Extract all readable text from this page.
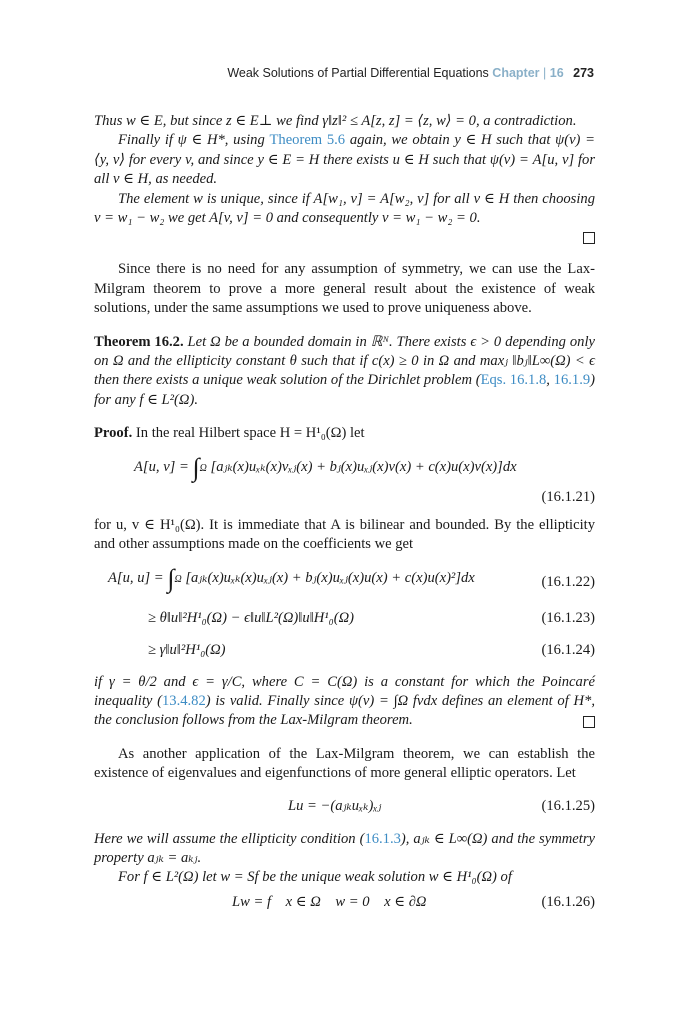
Weak Solutions of Partial Differential Equations Chapter | 16 273

Thus w ∈ E, but since z ∈ E⊥ we find γ‖z‖² ≤ A[z, z] = ⟨z, w⟩ = 0, a contradiction.

Finally if ψ ∈ H*, using Theorem 5.6 again, we obtain y ∈ H such that ψ(v) = ⟨y, v⟩ for every v, and since y ∈ E = H there exists u ∈ H such that ψ(v) = A[u, v] for all v ∈ H, as needed.

The element w is unique, since if A[w₁, v] = A[w₂, v] for all v ∈ H then choosing v = w₁ − w₂ we get A[v, v] = 0 and consequently v = w₁ − w₂ = 0.

Since there is no need for any assumption of symmetry, we can use the Lax-Milgram theorem to prove a more general result about the existence of weak solutions, under the same assumptions we used to prove uniqueness above.

Theorem 16.2. Let Ω be a bounded domain in ℝᴺ. There exists ϵ > 0 depending only on Ω and the ellipticity constant θ such that if c(x) ≥ 0 in Ω and maxⱼ ‖bⱼ‖L∞(Ω) < ϵ then there exists a unique weak solution of the Dirichlet problem (Eqs. 16.1.8, 16.1.9) for any f ∈ L²(Ω).

Proof. In the real Hilbert space H = H¹₀(Ω) let

A[u, v] = ∫Ω [aⱼₖ(x)uₓₖ(x)vₓⱼ(x) + bⱼ(x)uₓⱼ(x)v(x) + c(x)u(x)v(x)]dx
(16.1.21)

for u, v ∈ H¹₀(Ω). It is immediate that A is bilinear and bounded. By the ellipticity and other assumptions made on the coefficients we get

A[u, u] = ∫Ω [aⱼₖ(x)uₓₖ(x)uₓⱼ(x) + bⱼ(x)uₓⱼ(x)u(x) + c(x)u(x)²]dx	(16.1.22)
≥ θ‖u‖²H¹₀(Ω) − ϵ‖u‖L²(Ω)‖u‖H¹₀(Ω)	(16.1.23)
≥ γ‖u‖²H¹₀(Ω)	(16.1.24)

if γ = θ/2 and ϵ = γ/C, where C = C(Ω) is a constant for which the Poincaré inequality (13.4.82) is valid. Finally since ψ(v) = ∫Ω fvdx defines an element of H*, the conclusion follows from the Lax-Milgram theorem.

As another application of the Lax-Milgram theorem, we can establish the existence of eigenvalues and eigenfunctions of more general elliptic operators. Let

Lu = −(aⱼₖuₓₖ)ₓⱼ	(16.1.25)

Here we will assume the ellipticity condition (16.1.3), aⱼₖ ∈ L∞(Ω) and the symmetry property aⱼₖ = aₖⱼ.

For f ∈ L²(Ω) let w = Sf be the unique weak solution w ∈ H¹₀(Ω) of

Lw = f    x ∈ Ω    w = 0    x ∈ ∂Ω	(16.1.26)
